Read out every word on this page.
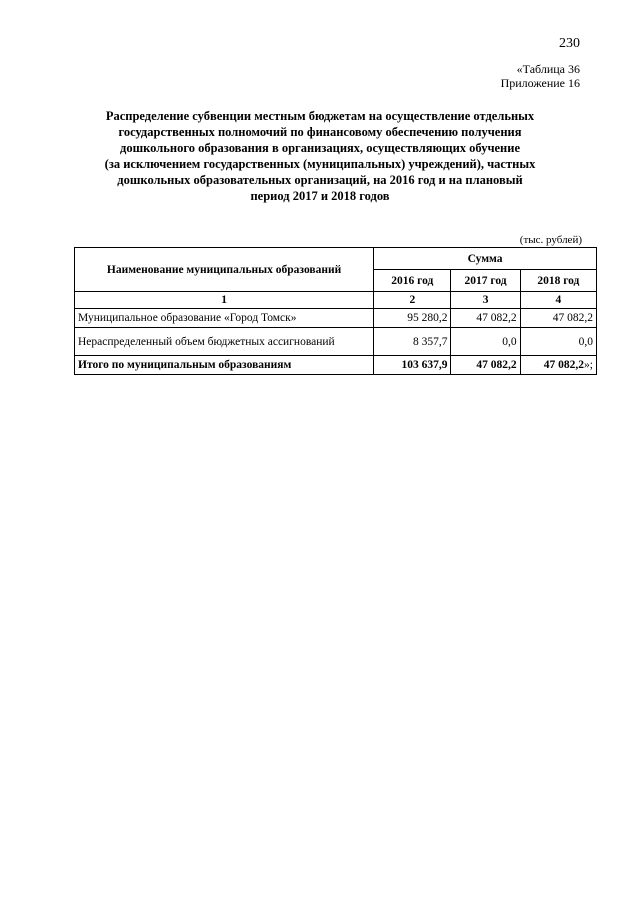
230
«Таблица 36
Приложение 16
Распределение субвенции местным бюджетам на осуществление отдельных
государственных полномочий по финансовому обеспечению получения
дошкольного образования в организациях, осуществляющих обучение
(за исключением государственных (муниципальных) учреждений), частных
дошкольных образовательных организаций, на 2016 год и на плановый
период 2017 и 2018 годов
(тыс. рублей)
Наименование муниципальных образований	Сумма		
	2016 год	2017 год	2018 год
1	2	3	4
Муниципальное образование «Город Томск»	95 280,2	47 082,2	47 082,2
Нераспределенный объем бюджетных ассигнований	8 357,7	0,0	0,0
Итого по муниципальным образованиям	103 637,9	47 082,2	47 082,2»;
